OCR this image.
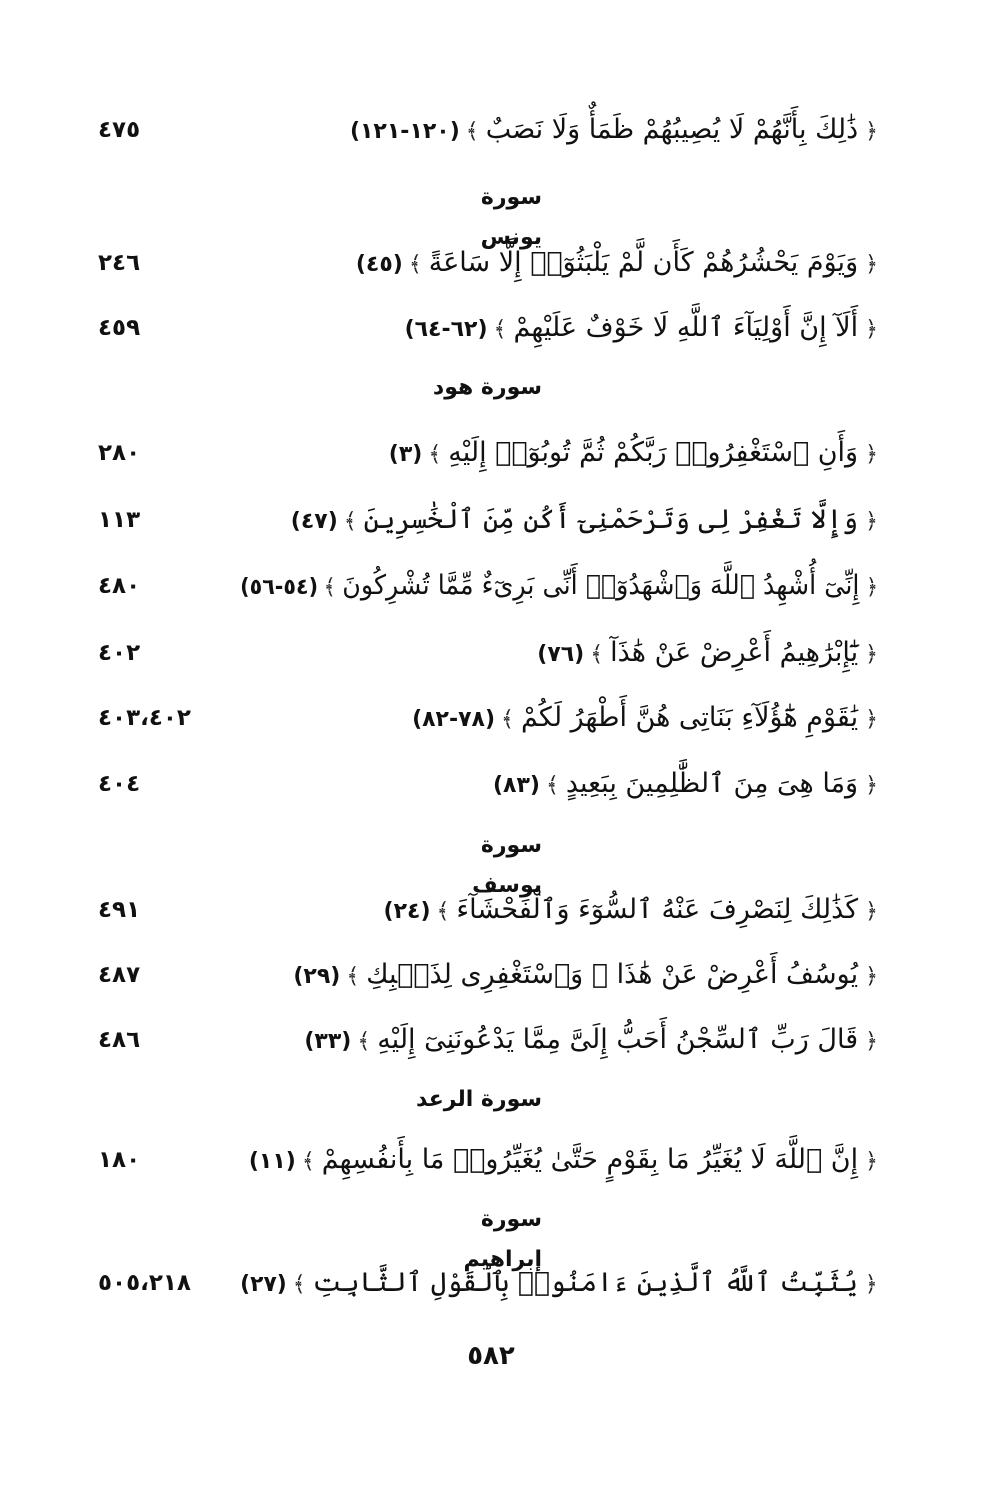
﴿ ذَٰلِكَ بِأَنَّهُمْ لَا يُصِيبُهُمْ ظَمَأٌ وَلَا نَصَبٌ ﴾(١٢٠-١٢١)
٤٧٥
سورة يونس
﴿ وَيَوْمَ يَحْشُرُهُمْ كَأَن لَّمْ يَلْبَثُوٓا۟ إِلَّا سَاعَةً ﴾(٤٥)
٢٤٦
﴿ أَلَآ إِنَّ أَوْلِيَآءَ ٱللَّهِ لَا خَوْفٌ عَلَيْهِمْ ﴾(٦٢-٦٤)
٤٥٩
سورة هود
﴿ وَأَنِ ٱسْتَغْفِرُوا۟ رَبَّكُمْ ثُمَّ تُوبُوٓا۟ إِلَيْهِ ﴾(٣)
٢٨٠
﴿ وَإِلَّا تَغْفِرْ لِى وَتَرْحَمْنِىٓ أَكُن مِّنَ ٱلْخَٰسِرِينَ ﴾(٤٧)
١١٣
﴿ إِنِّىٓ أُشْهِدُ ٱللَّهَ وَٱشْهَدُوٓا۟ أَنِّى بَرِىٓءٌ مِّمَّا تُشْرِكُونَ ﴾(٥٤-٥٦)
٤٨٠
﴿ يَٰٓإِبْرَٰهِيمُ أَعْرِضْ عَنْ هَٰذَآ ﴾(٧٦)
٤٠٢
﴿ يَٰقَوْمِ هَٰٓؤُلَآءِ بَنَاتِى هُنَّ أَطْهَرُ لَكُمْ ﴾(٧٨-٨٢)
٤٠٣،٤٠٢
﴿ وَمَا هِىَ مِنَ ٱلظَّٰلِمِينَ بِبَعِيدٍ ﴾(٨٣)
٤٠٤
سورة يوسف
﴿ كَذَٰلِكَ لِنَصْرِفَ عَنْهُ ٱلسُّوٓءَ وَٱلْفَحْشَآءَ ﴾(٢٤)
٤٩١
﴿ يُوسُفُ أَعْرِضْ عَنْ هَٰذَا ۚ وَٱسْتَغْفِرِى لِذَنۢبِكِ ﴾(٢٩)
٤٨٧
﴿ قَالَ رَبِّ ٱلسِّجْنُ أَحَبُّ إِلَىَّ مِمَّا يَدْعُونَنِىٓ إِلَيْهِ ﴾(٣٣)
٤٨٦
سورة الرعد
﴿ إِنَّ ٱللَّهَ لَا يُغَيِّرُ مَا بِقَوْمٍ حَتَّىٰ يُغَيِّرُوا۟ مَا بِأَنفُسِهِمْ ﴾(١١)
١٨٠
سورة إبراهيم
﴿ يُثَبِّتُ ٱللَّهُ ٱلَّذِينَ ءَامَنُوا۟ بِٱلْقَوْلِ ٱلثَّابِتِ ﴾(٢٧)
٥٠٥،٢١٨
٥٨٢
